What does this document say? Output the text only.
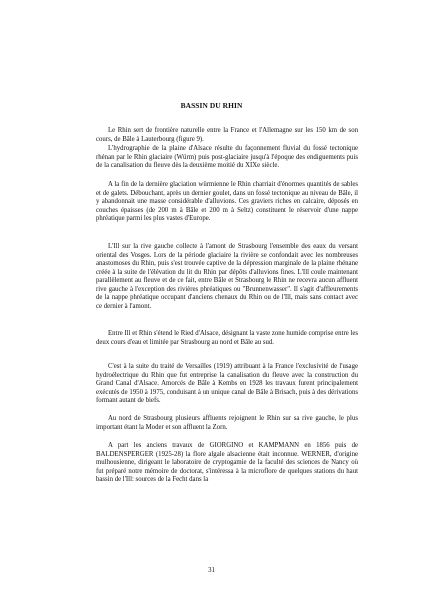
BASSIN DU RHIN

Le Rhin sert de frontière naturelle entre la France et l'Allemagne sur les 150 km de son cours, de Bâle à Lauterbourg (figure 9).

L'hydrographie de la plaine d'Alsace résulte du façonnement fluvial du fossé tectonique rhénan par le Rhin glaciaire (Würm) puis post-glaciaire jusqu'à l'époque des endiguements puis de la canalisation du fleuve dès la deuxième moitié du XIXe siècle.

A la fin de la dernière glaciation würmienne le Rhin charriait d'énormes quantités de sables et de galets. Débouchant, après un dernier goulet, dans un fossé tectonique au niveau de Bâle, il y abandonnait une masse considérable d'alluvions. Ces graviers riches en calcaire, déposés en couches épaisses (de 200 m à Bâle et 200 m à Seltz) constituent le réservoir d'une nappe phréatique parmi les plus vastes d'Europe.

L'Ill sur la rive gauche collecte à l'amont de Strasbourg l'ensemble des eaux du versant oriental des Vosges. Lors de la période glaciaire la rivière se confondait avec les nombreuses anastomoses du Rhin, puis s'est trouvée captive de la dépression marginale de la plaine rhénane créée à la suite de l'élévation du lit du Rhin par dépôts d'alluvions fines. L'Ill coule maintenant parallèlement au fleuve et de ce fait, entre Bâle et Strasbourg le Rhin ne recevra aucun affluent rive gauche à l'exception des rivières phréatiques ou "Brunnenwasser". Il s'agit d'affleurements de la nappe phréatique occupant d'anciens chenaux du Rhin ou de l'Ill, mais sans contact avec ce dernier à l'amont.

Entre Ill et Rhin s'étend le Ried d'Alsace, désignant la vaste zone humide comprise entre les deux cours d'eau et limitée par Strasbourg au nord et Bâle au sud.

C'est à la suite du traité de Versailles (1919) attribuant à la France l'exclusivité de l'usage hydroélectrique du Rhin que fut entreprise la canalisation du fleuve avec la construction du Grand Canal d'Alsace. Amorcés de Bâle à Kembs en 1928 les travaux furent principalement exécutés de 1950 à 1975, conduisant à un unique canal de Bâle à Brisach, puis à des dérivations formant autant de biefs.

Au nord de Strasbourg plusieurs affluents rejoignent le Rhin sur sa rive gauche, le plus important étant la Moder et son affluent la Zorn.

A part les anciens travaux de GIORGINO et KAMPMANN en 1856 puis de BALDENSPERGER (1925-28) la flore algale alsacienne était inconnue. WERNER, d'origine mulhousienne, dirigeant le laboratoire de cryptogamie de la faculté des sciences de Nancy où fut préparé notre mémoire de doctorat, s'intéressa à la microflore de quelques stations du haut bassin de l'Ill: sources de la Fecht dans la

31
